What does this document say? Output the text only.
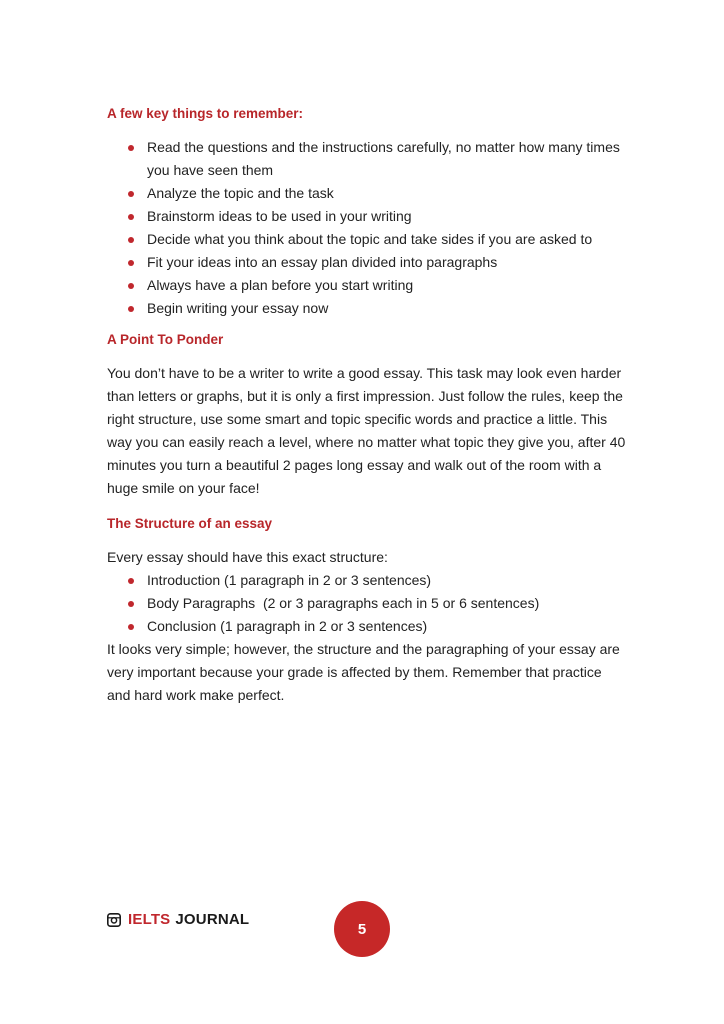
A few key things to remember:
Read the questions and the instructions carefully, no matter how many times you have seen them
Analyze the topic and the task
Brainstorm ideas to be used in your writing
Decide what you think about the topic and take sides if you are asked to
Fit your ideas into an essay plan divided into paragraphs
Always have a plan before you start writing
Begin writing your essay now
A Point To Ponder

You don’t have to be a writer to write a good essay. This task may look even harder than letters or graphs, but it is only a first impression. Just follow the rules, keep the right structure, use some smart and topic specific words and practice a little. This way you can easily reach a level, where no matter what topic they give you, after 40 minutes you turn a beautiful 2 pages long essay and walk out of the room with a huge smile on your face!

The Structure of an essay

Every essay should have this exact structure:

Introduction (1 paragraph in 2 or 3 sentences)
Body Paragraphs  (2 or 3 paragraphs each in 5 or 6 sentences)
Conclusion (1 paragraph in 2 or 3 sentences)

It looks very simple; however, the structure and the paragraphing of your essay are very important because your grade is affected by them. Remember that practice and hard work make perfect.

IELTS JOURNAL
5
